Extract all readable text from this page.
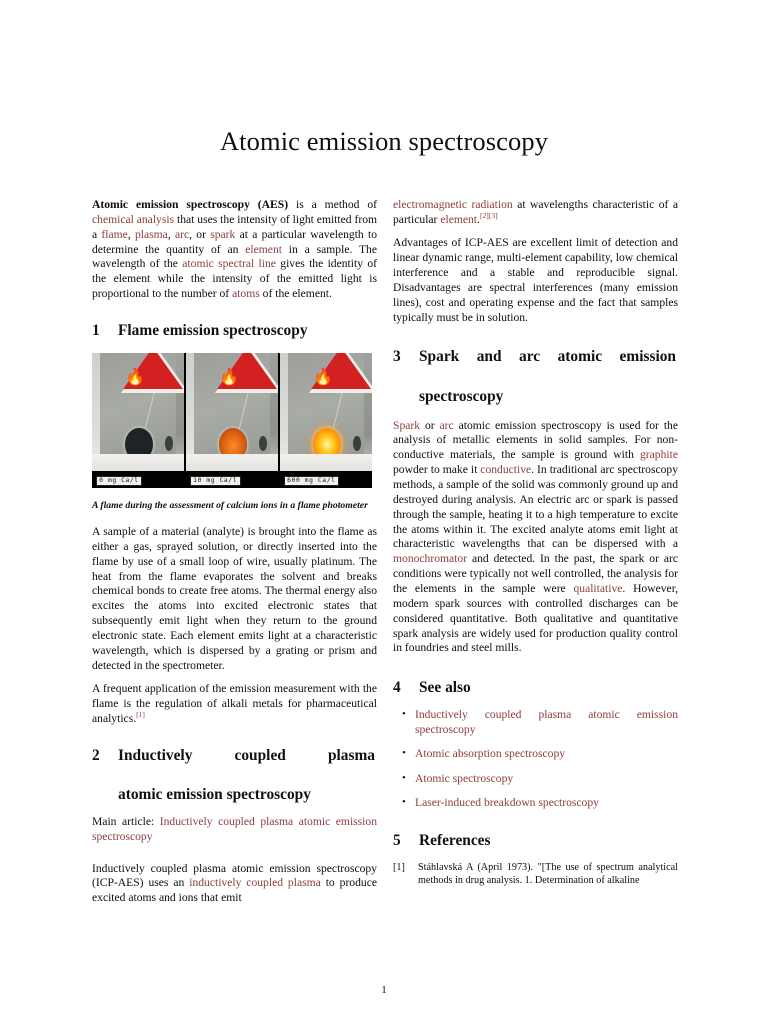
Atomic emission spectroscopy

Atomic emission spectroscopy (AES) is a method of chemical analysis that uses the intensity of light emitted from a flame, plasma, arc, or spark at a particular wavelength to determine the quantity of an element in a sample. The wavelength of the atomic spectral line gives the identity of the element while the intensity of the emitted light is proportional to the number of atoms of the element.

1 Flame emission spectroscopy
🔥
0 mg Ca/l
🔥
10 mg Ca/l
🔥
600 mg Ca/l
A flame during the assessment of calcium ions in a flame photometer

A sample of a material (analyte) is brought into the flame as either a gas, sprayed solution, or directly inserted into the flame by use of a small loop of wire, usually platinum. The heat from the flame evaporates the solvent and breaks chemical bonds to create free atoms. The thermal energy also excites the atoms into excited electronic states that subsequently emit light when they return to the ground electronic state. Each element emits light at a characteristic wavelength, which is dispersed by a grating or prism and detected in the spectrometer.

A frequent application of the emission measurement with the flame is the regulation of alkali metals for pharmaceutical analytics.[1]

2 Inductively coupled plasma
atomic emission spectroscopy
Main article: Inductively coupled plasma atomic emission spectroscopy

Inductively coupled plasma atomic emission spectroscopy (ICP-AES) uses an inductively coupled plasma to produce excited atoms and ions that emit

electromagnetic radiation at wavelengths characteristic of a particular element.[2][3]

Advantages of ICP-AES are excellent limit of detection and linear dynamic range, multi-element capability, low chemical interference and a stable and reproducible signal. Disadvantages are spectral interferences (many emission lines), cost and operating expense and the fact that samples typically must be in solution.

3 Spark and arc atomic emission
spectroscopy

Spark or arc atomic emission spectroscopy is used for the analysis of metallic elements in solid samples. For non-conductive materials, the sample is ground with graphite powder to make it conductive. In traditional arc spectroscopy methods, a sample of the solid was commonly ground up and destroyed during analysis. An electric arc or spark is passed through the sample, heating it to a high temperature to excite the atoms within it. The excited analyte atoms emit light at characteristic wavelengths that can be dispersed with a monochromator and detected. In the past, the spark or arc conditions were typically not well controlled, the analysis for the elements in the sample were qualitative. However, modern spark sources with controlled discharges can be considered quantitative. Both qualitative and quantitative spark analysis are widely used for production quality control in foundries and steel mills.

4 See also
• Inductively coupled plasma atomic emission spectroscopy
• Atomic absorption spectroscopy
• Atomic spectroscopy
• Laser-induced breakdown spectroscopy
5 References
[1] Stáhlavská A (April 1973). "[The use of spectrum analytical methods in drug analysis. 1. Determination of alkaline
1
